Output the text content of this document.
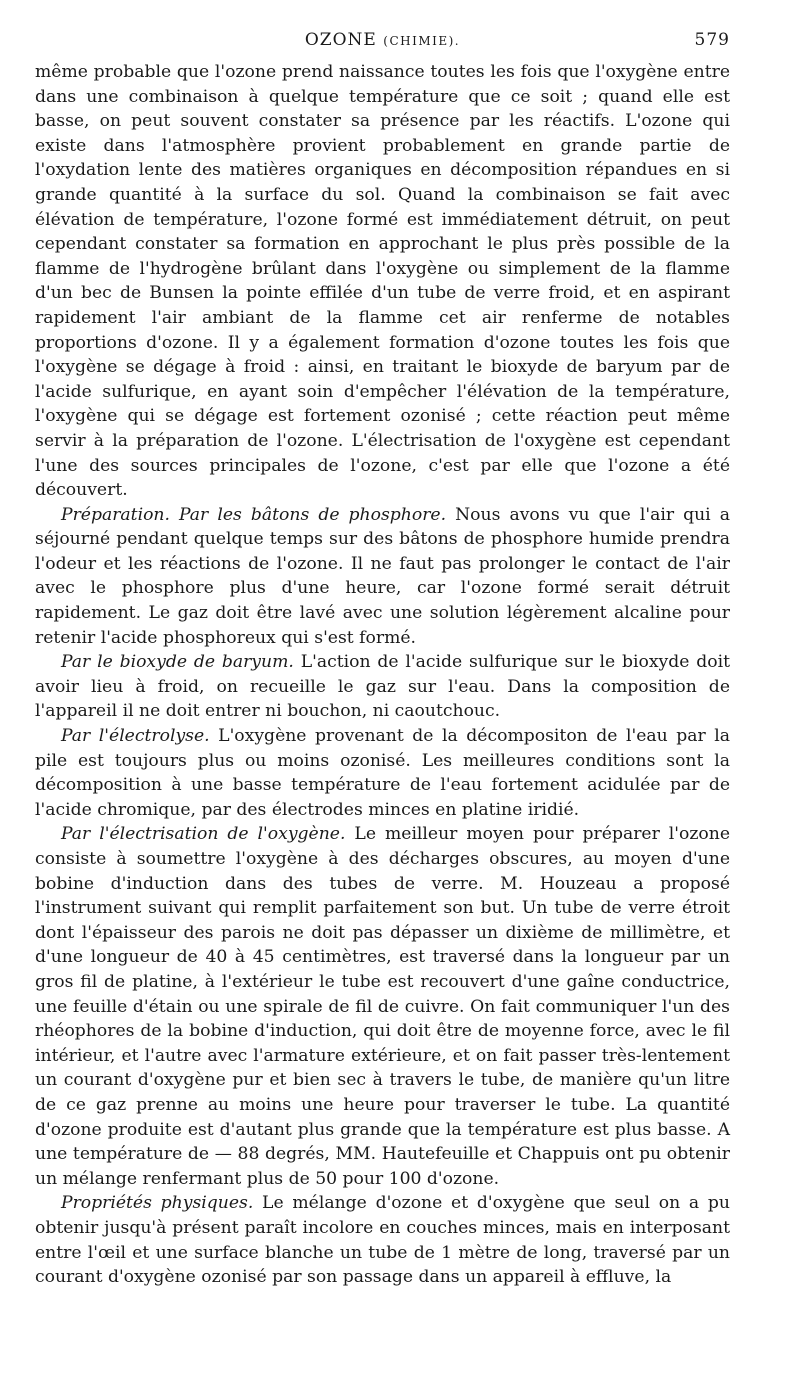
OZONE (CHIMIE).	579

même probable que l'ozone prend naissance toutes les fois que l'oxygène entre dans une combinaison à quelque température que ce soit ; quand elle est basse, on peut souvent constater sa présence par les réactifs. L'ozone qui existe dans l'atmosphère provient probablement en grande partie de l'oxydation lente des matières organiques en décomposition répandues en si grande quantité à la surface du sol. Quand la combinaison se fait avec élévation de température, l'ozone formé est immédiatement détruit, on peut cependant constater sa formation en approchant le plus près possible de la flamme de l'hydrogène brûlant dans l'oxygène ou simplement de la flamme d'un bec de Bunsen la pointe effilée d'un tube de verre froid, et en aspirant rapidement l'air ambiant de la flamme cet air renferme de notables proportions d'ozone. Il y a également formation d'ozone toutes les fois que l'oxygène se dégage à froid : ainsi, en traitant le bioxyde de baryum par de l'acide sulfurique, en ayant soin d'empêcher l'élévation de la température, l'oxygène qui se dégage est fortement ozonisé ; cette réaction peut même servir à la préparation de l'ozone. L'électrisation de l'oxygène est cependant l'une des sources principales de l'ozone, c'est par elle que l'ozone a été découvert.

Préparation. Par les bâtons de phosphore. Nous avons vu que l'air qui a séjourné pendant quelque temps sur des bâtons de phosphore humide prendra l'odeur et les réactions de l'ozone. Il ne faut pas prolonger le contact de l'air avec le phosphore plus d'une heure, car l'ozone formé serait détruit rapidement. Le gaz doit être lavé avec une solution légèrement alcaline pour retenir l'acide phosphoreux qui s'est formé.

Par le bioxyde de baryum. L'action de l'acide sulfurique sur le bioxyde doit avoir lieu à froid, on recueille le gaz sur l'eau. Dans la composition de l'appareil il ne doit entrer ni bouchon, ni caoutchouc.

Par l'électrolyse. L'oxygène provenant de la décompositon de l'eau par la pile est toujours plus ou moins ozonisé. Les meilleures conditions sont la décomposition à une basse température de l'eau fortement acidulée par de l'acide chromique, par des électrodes minces en platine iridié.

Par l'électrisation de l'oxygène. Le meilleur moyen pour préparer l'ozone consiste à soumettre l'oxygène à des décharges obscures, au moyen d'une bobine d'induction dans des tubes de verre. M. Houzeau a proposé l'instrument suivant qui remplit parfaitement son but. Un tube de verre étroit dont l'épaisseur des parois ne doit pas dépasser un dixième de millimètre, et d'une longueur de 40 à 45 centimètres, est traversé dans la longueur par un gros fil de platine, à l'extérieur le tube est recouvert d'une gaîne conductrice, une feuille d'étain ou une spirale de fil de cuivre. On fait communiquer l'un des rhéophores de la bobine d'induction, qui doit être de moyenne force, avec le fil intérieur, et l'autre avec l'armature extérieure, et on fait passer très-lentement un courant d'oxygène pur et bien sec à travers le tube, de manière qu'un litre de ce gaz prenne au moins une heure pour traverser le tube. La quantité d'ozone produite est d'autant plus grande que la température est plus basse. A une température de — 88 degrés, MM. Hautefeuille et Chappuis ont pu obtenir un mélange renfermant plus de 50 pour 100 d'ozone.

Propriétés physiques. Le mélange d'ozone et d'oxygène que seul on a pu obtenir jusqu'à présent paraît incolore en couches minces, mais en interposant entre l'œil et une surface blanche un tube de 1 mètre de long, traversé par un courant d'oxygène ozonisé par son passage dans un appareil à effluve, la
